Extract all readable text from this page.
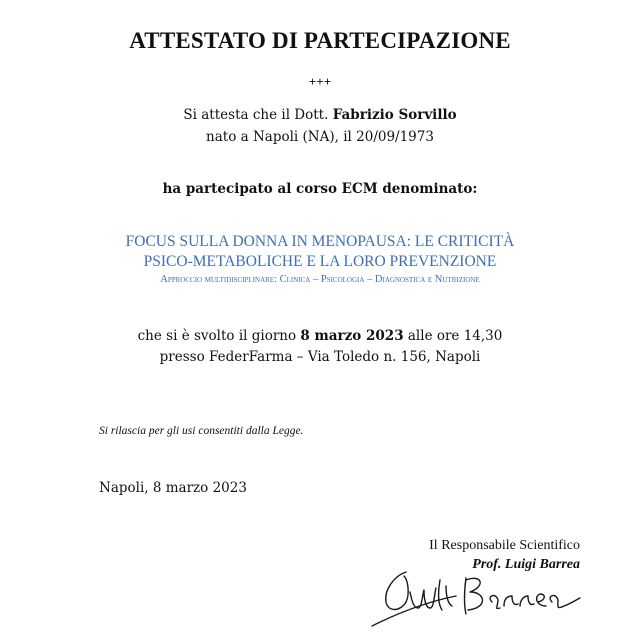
ATTESTATO DI PARTECIPAZIONE

+++

Si attesta che il Dott. Fabrizio Sorvillo

nato a Napoli (NA), il 20/09/1973

ha partecipato al corso ECM denominato:

FOCUS SULLA DONNA IN MENOPAUSA: LE CRITICITÀ PSICO-METABOLICHE E LA LORO PREVENZIONE

Approccio multidisciplinare: Clinica – Psicologia – Diagnostica e Nutrizione

che si è svolto il giorno 8 marzo 2023 alle ore 14,30

presso FederFarma – Via Toledo n. 156, Napoli

Si rilascia per gli usi consentiti dalla Legge.

Napoli, 8 marzo 2023

Il Responsabile Scientifico

Prof. Luigi Barrea
